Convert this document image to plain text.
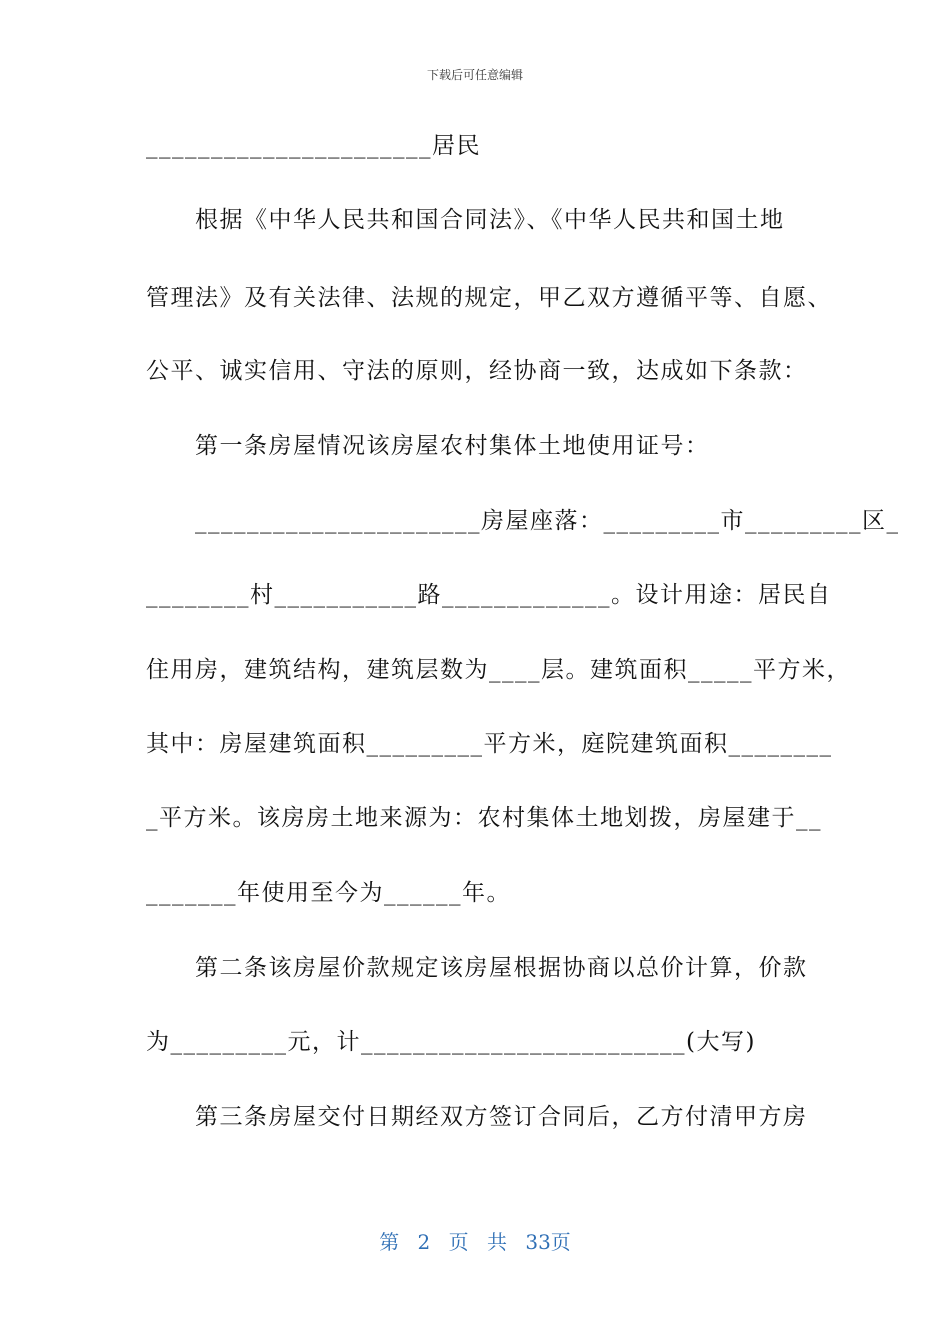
下载后可任意编辑
______________________居民
　　根据《中华人民共和国合同法》、《中华人民共和国土地
管理法》及有关法律、法规的规定，甲乙双方遵循平等、自愿、
公平、诚实信用、守法的原则，经协商一致，达成如下条款：
　　第一条房屋情况该房屋农村集体土地使用证号：
　　______________________房屋座落：_________市_________区_
________村___________路_____________。设计用途：居民自
住用房，建筑结构，建筑层数为____层。建筑面积_____平方米，
其中：房屋建筑面积_________平方米，庭院建筑面积________
_平方米。该房房土地来源为：农村集体土地划拨，房屋建于__
_______年使用至今为______年。
　　第二条该房屋价款规定该房屋根据协商以总价计算，价款
为_________元，计_________________________(大写)
　　第三条房屋交付日期经双方签订合同后，乙方付清甲方房
第 2 页 共 33页
